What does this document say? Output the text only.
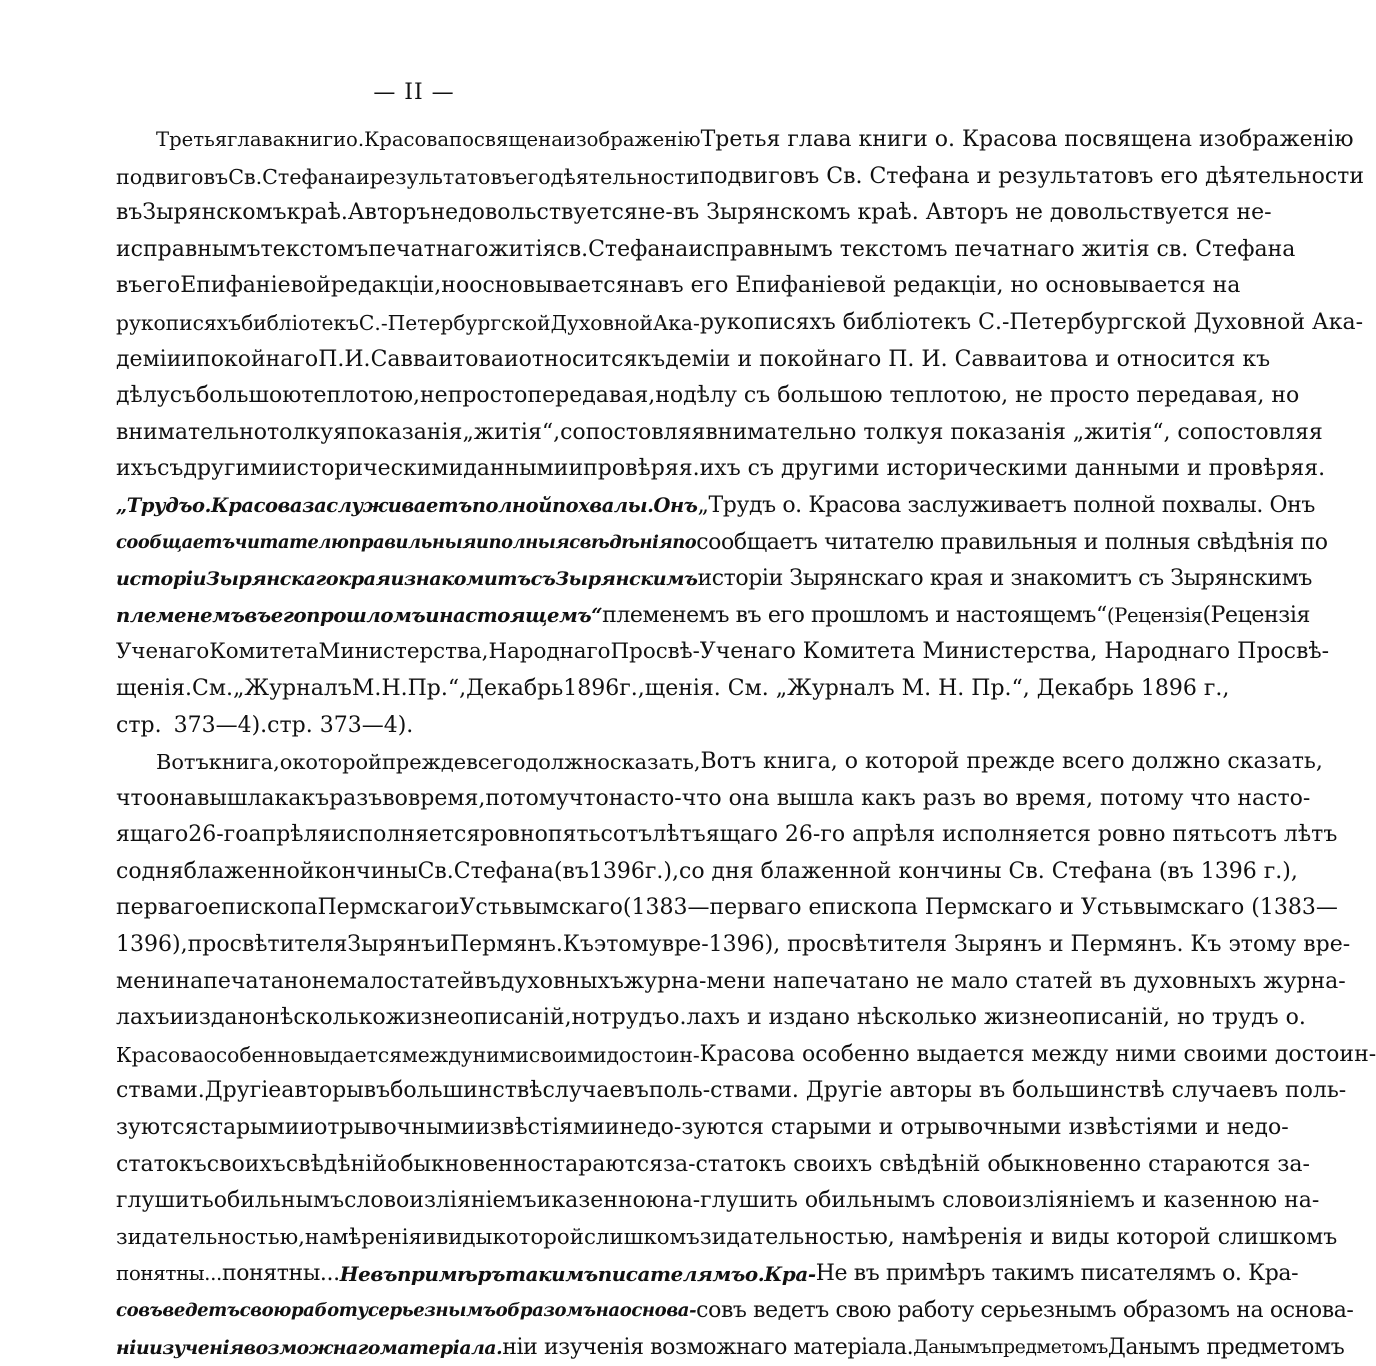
— II —
Третья глава книги о. Красова посвящена изображенію Третья глава книги о. Красова посвящена изображенію
подвиговъ Св. Стефана и результатовъ его дѣятельности подвиговъ Св. Стефана и результатовъ его дѣятельности
въ Зырянскомъ краѣ. Авторъ не довольствуется не- въ Зырянскомъ краѣ. Авторъ не довольствуется не-
исправнымъ текстомъ печатнаго житія св. Стефана исправнымъ текстомъ печатнаго житія св. Стефана
въ его Епифаніевой редакціи, но основывается на въ его Епифаніевой редакціи, но основывается на
рукописяхъ библіотекъ С.-Петербургской Духовной Ака- рукописяхъ библіотекъ С.-Петербургской Духовной Ака-
деміи и покойнаго П. И. Савваитова и относится къ деміи и покойнаго П. И. Савваитова и относится къ
дѣлу съ большою теплотою, не просто передавая, но дѣлу съ большою теплотою, не просто передавая, но
внимательно толкуя показанія „житія“, сопостовляя внимательно толкуя показанія „житія“, сопостовляя
ихъ съ другими историческими данными и провѣряя. ихъ съ другими историческими данными и провѣряя.
„Трудъ о. Красова заслуживаетъ полной похвалы. Онъ „Трудъ о. Красова заслуживаетъ полной похвалы. Онъ
сообщаетъ читателю правильныя и полныя свѣдѣнія по сообщаетъ читателю правильныя и полныя свѣдѣнія по
исторіи Зырянскаго края и знакомитъ съ Зырянскимъ исторіи Зырянскаго края и знакомитъ съ Зырянскимъ
племенемъ въ его прошломъ и настоящемъ“ племенемъ въ его прошломъ и настоящемъ“ (Рецензія (Рецензія
Ученаго Комитета Министерства, Народнаго Просвѣ- Ученаго Комитета Министерства, Народнаго Просвѣ-
щенія. См. „Журналъ М. Н. Пр.“, Декабрь 1896 г., щенія. См. „Журналъ М. Н. Пр.“, Декабрь 1896 г.,
стр. 373—4). стр. 373—4).
Вотъ книга, о которой прежде всего должно сказать, Вотъ книга, о которой прежде всего должно сказать,
что она вышла какъ разъ во время, потому что насто- что она вышла какъ разъ во время, потому что насто-
ящаго 26-го апрѣля исполняется ровно пятьсотъ лѣтъ ящаго 26-го апрѣля исполняется ровно пятьсотъ лѣтъ
со дня блаженной кончины Св. Стефана (въ 1396 г.), со дня блаженной кончины Св. Стефана (въ 1396 г.),
перваго епископа Пермскаго и Устьвымскаго (1383— перваго епископа Пермскаго и Устьвымскаго (1383—
1396), просвѣтителя Зырянъ и Пермянъ. Къ этому вре- 1396), просвѣтителя Зырянъ и Пермянъ. Къ этому вре-
мени напечатано не мало статей въ духовныхъ журна- мени напечатано не мало статей въ духовныхъ журна-
лахъ и издано нѣсколько жизнеописаній, но трудъ о. лахъ и издано нѣсколько жизнеописаній, но трудъ о.
Красова особенно выдается между ними своими достоин- Красова особенно выдается между ними своими достоин-
ствами. Другіе авторы въ большинствѣ случаевъ поль- ствами. Другіе авторы въ большинствѣ случаевъ поль-
зуются старыми и отрывочными извѣстіями и недо- зуются старыми и отрывочными извѣстіями и недо-
статокъ своихъ свѣдѣній обыкновенно стараются за- статокъ своихъ свѣдѣній обыкновенно стараются за-
глушить обильнымъ словоизліяніемъ и казенною на- глушить обильнымъ словоизліяніемъ и казенною на-
зидательностью, намѣренія и виды которой слишкомъ зидательностью, намѣренія и виды которой слишкомъ
понятны... понятны... Не въ примѣръ такимъ писателямъ о. Кра- Не въ примѣръ такимъ писателямъ о. Кра-
совъ ведетъ свою работу серьезнымъ образомъ на основа- совъ ведетъ свою работу серьезнымъ образомъ на основа-
ніи изученія возможнаго матеріала. ніи изученія возможнаго матеріала. Данымъ предметомъ Данымъ предметомъ
